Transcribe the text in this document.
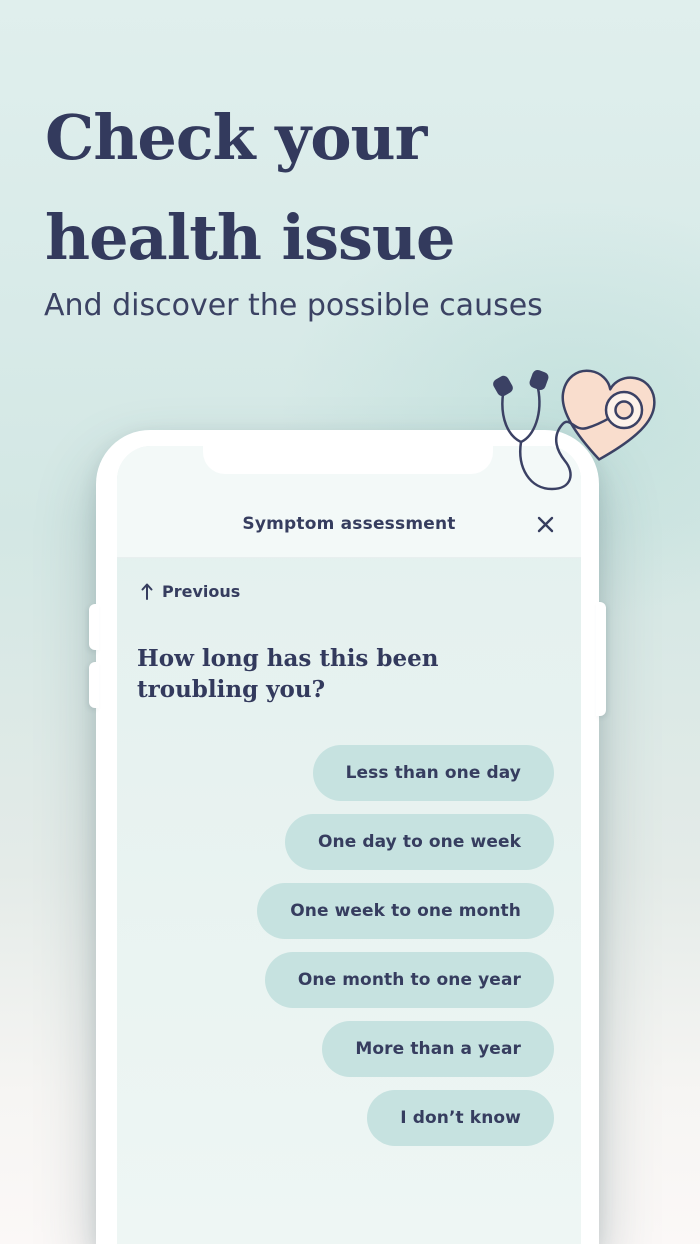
Check your
health issue

And discover the possible causes

Symptom assessment
Previous
How long has this been troubling you?
Less than one day
One day to one week
One week to one month
One month to one year
More than a year
I don’t know
